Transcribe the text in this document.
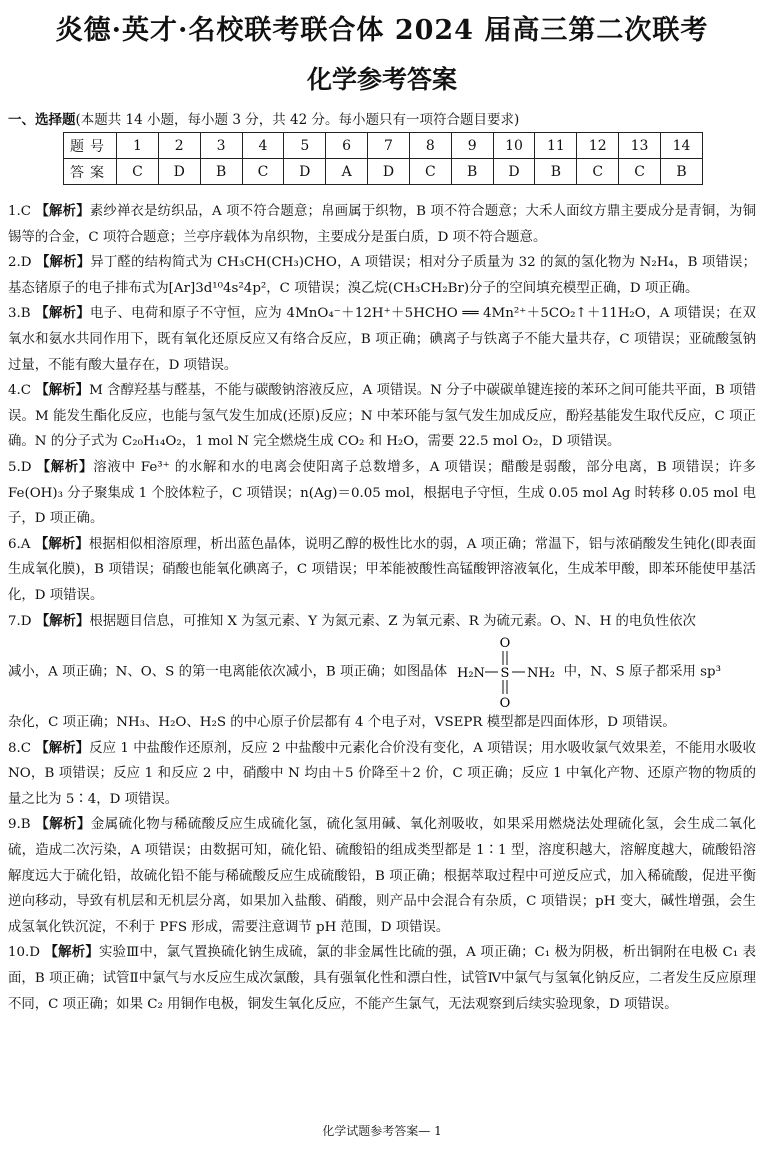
炎德·英才·名校联考联合体 2024 届高三第二次联考
化学参考答案
一、选择题(本题共 14 小题，每小题 3 分，共 42 分。每小题只有一项符合题目要求)
题号	1	2	3	4	5	6	7	8	9	10	11	12	13	14
答案	C	D	B	C	D	A	D	C	B	D	B	C	C	B
1.C 【解析】素纱禅衣是纺织品，A 项不符合题意；帛画属于织物，B 项不符合题意；大禾人面纹方鼎主要成分是青铜，为铜锡等的合金，C 项符合题意；兰亭序载体为帛织物，主要成分是蛋白质，D 项不符合题意。
2.D 【解析】异丁醛的结构简式为 CH₃CH(CH₃)CHO，A 项错误；相对分子质量为 32 的氮的氢化物为 N₂H₄，B 项错误；基态锗原子的电子排布式为[Ar]3d¹⁰4s²4p²，C 项错误；溴乙烷(CH₃CH₂Br)分子的空间填充模型正确，D 项正确。
3.B 【解析】电子、电荷和原子不守恒，应为 4MnO₄⁻＋12H⁺＋5HCHO ══ 4Mn²⁺＋5CO₂↑＋11H₂O，A 项错误；在双氧水和氨水共同作用下，既有氧化还原反应又有络合反应，B 项正确；碘离子与铁离子不能大量共存，C 项错误；亚硫酸氢钠过量，不能有酸大量存在，D 项错误。
4.C 【解析】M 含醇羟基与醛基，不能与碳酸钠溶液反应，A 项错误。N 分子中碳碳单键连接的苯环之间可能共平面，B 项错误。M 能发生酯化反应，也能与氢气发生加成(还原)反应；N 中苯环能与氢气发生加成反应，酚羟基能发生取代反应，C 项正确。N 的分子式为 C₂₀H₁₄O₂，1 mol N 完全燃烧生成 CO₂ 和 H₂O，需要 22.5 mol O₂，D 项错误。
5.D 【解析】溶液中 Fe³⁺ 的水解和水的电离会使阳离子总数增多，A 项错误；醋酸是弱酸，部分电离，B 项错误；许多 Fe(OH)₃ 分子聚集成 1 个胶体粒子，C 项错误；n(Ag)＝0.05 mol，根据电子守恒，生成 0.05 mol Ag 时转移 0.05 mol 电子，D 项正确。
6.A 【解析】根据相似相溶原理，析出蓝色晶体，说明乙醇的极性比水的弱，A 项正确；常温下，铝与浓硝酸发生钝化(即表面生成氧化膜)，B 项错误；硝酸也能氧化碘离子，C 项错误；甲苯能被酸性高锰酸钾溶液氧化，生成苯甲酸，即苯环能使甲基活化，D 项错误。
7.D 【解析】根据题目信息，可推知 X 为氢元素、Y 为氮元素、Z 为氧元素、R 为硫元素。O、N、H 的电负性依次
减小，A 项正确；N、O、S 的第一电离能依次减小，B 项正确；如图晶体
O
H₂N S NH₂
O
中，N、S 原子都采用 sp³
杂化，C 项正确；NH₃、H₂O、H₂S 的中心原子价层都有 4 个电子对，VSEPR 模型都是四面体形，D 项错误。
8.C 【解析】反应 1 中盐酸作还原剂，反应 2 中盐酸中元素化合价没有变化，A 项错误；用水吸收氯气效果差，不能用水吸收 NO，B 项错误；反应 1 和反应 2 中，硝酸中 N 均由＋5 价降至＋2 价，C 项正确；反应 1 中氧化产物、还原产物的物质的量之比为 5∶4，D 项错误。
9.B 【解析】金属硫化物与稀硫酸反应生成硫化氢，硫化氢用碱、氧化剂吸收，如果采用燃烧法处理硫化氢，会生成二氧化硫，造成二次污染，A 项错误；由数据可知，硫化铅、硫酸铅的组成类型都是 1∶1 型，溶度积越大，溶解度越大，硫酸铅溶解度远大于硫化铅，故硫化铅不能与稀硫酸反应生成硫酸铅，B 项正确；根据萃取过程中可逆反应式，加入稀硫酸，促进平衡逆向移动，导致有机层和无机层分离，如果加入盐酸、硝酸，则产品中会混合有杂质，C 项错误；pH 变大，碱性增强，会生成氢氧化铁沉淀，不利于 PFS 形成，需要注意调节 pH 范围，D 项错误。
10.D 【解析】实验Ⅲ中，氯气置换硫化钠生成硫，氯的非金属性比硫的强，A 项正确；C₁ 极为阴极，析出铜附在电极 C₁ 表面，B 项正确；试管Ⅱ中氯气与水反应生成次氯酸，具有强氧化性和漂白性，试管Ⅳ中氯气与氢氧化钠反应，二者发生反应原理不同，C 项正确；如果 C₂ 用铜作电极，铜发生氧化反应，不能产生氯气，无法观察到后续实验现象，D 项错误。
化学试题参考答案— 1
